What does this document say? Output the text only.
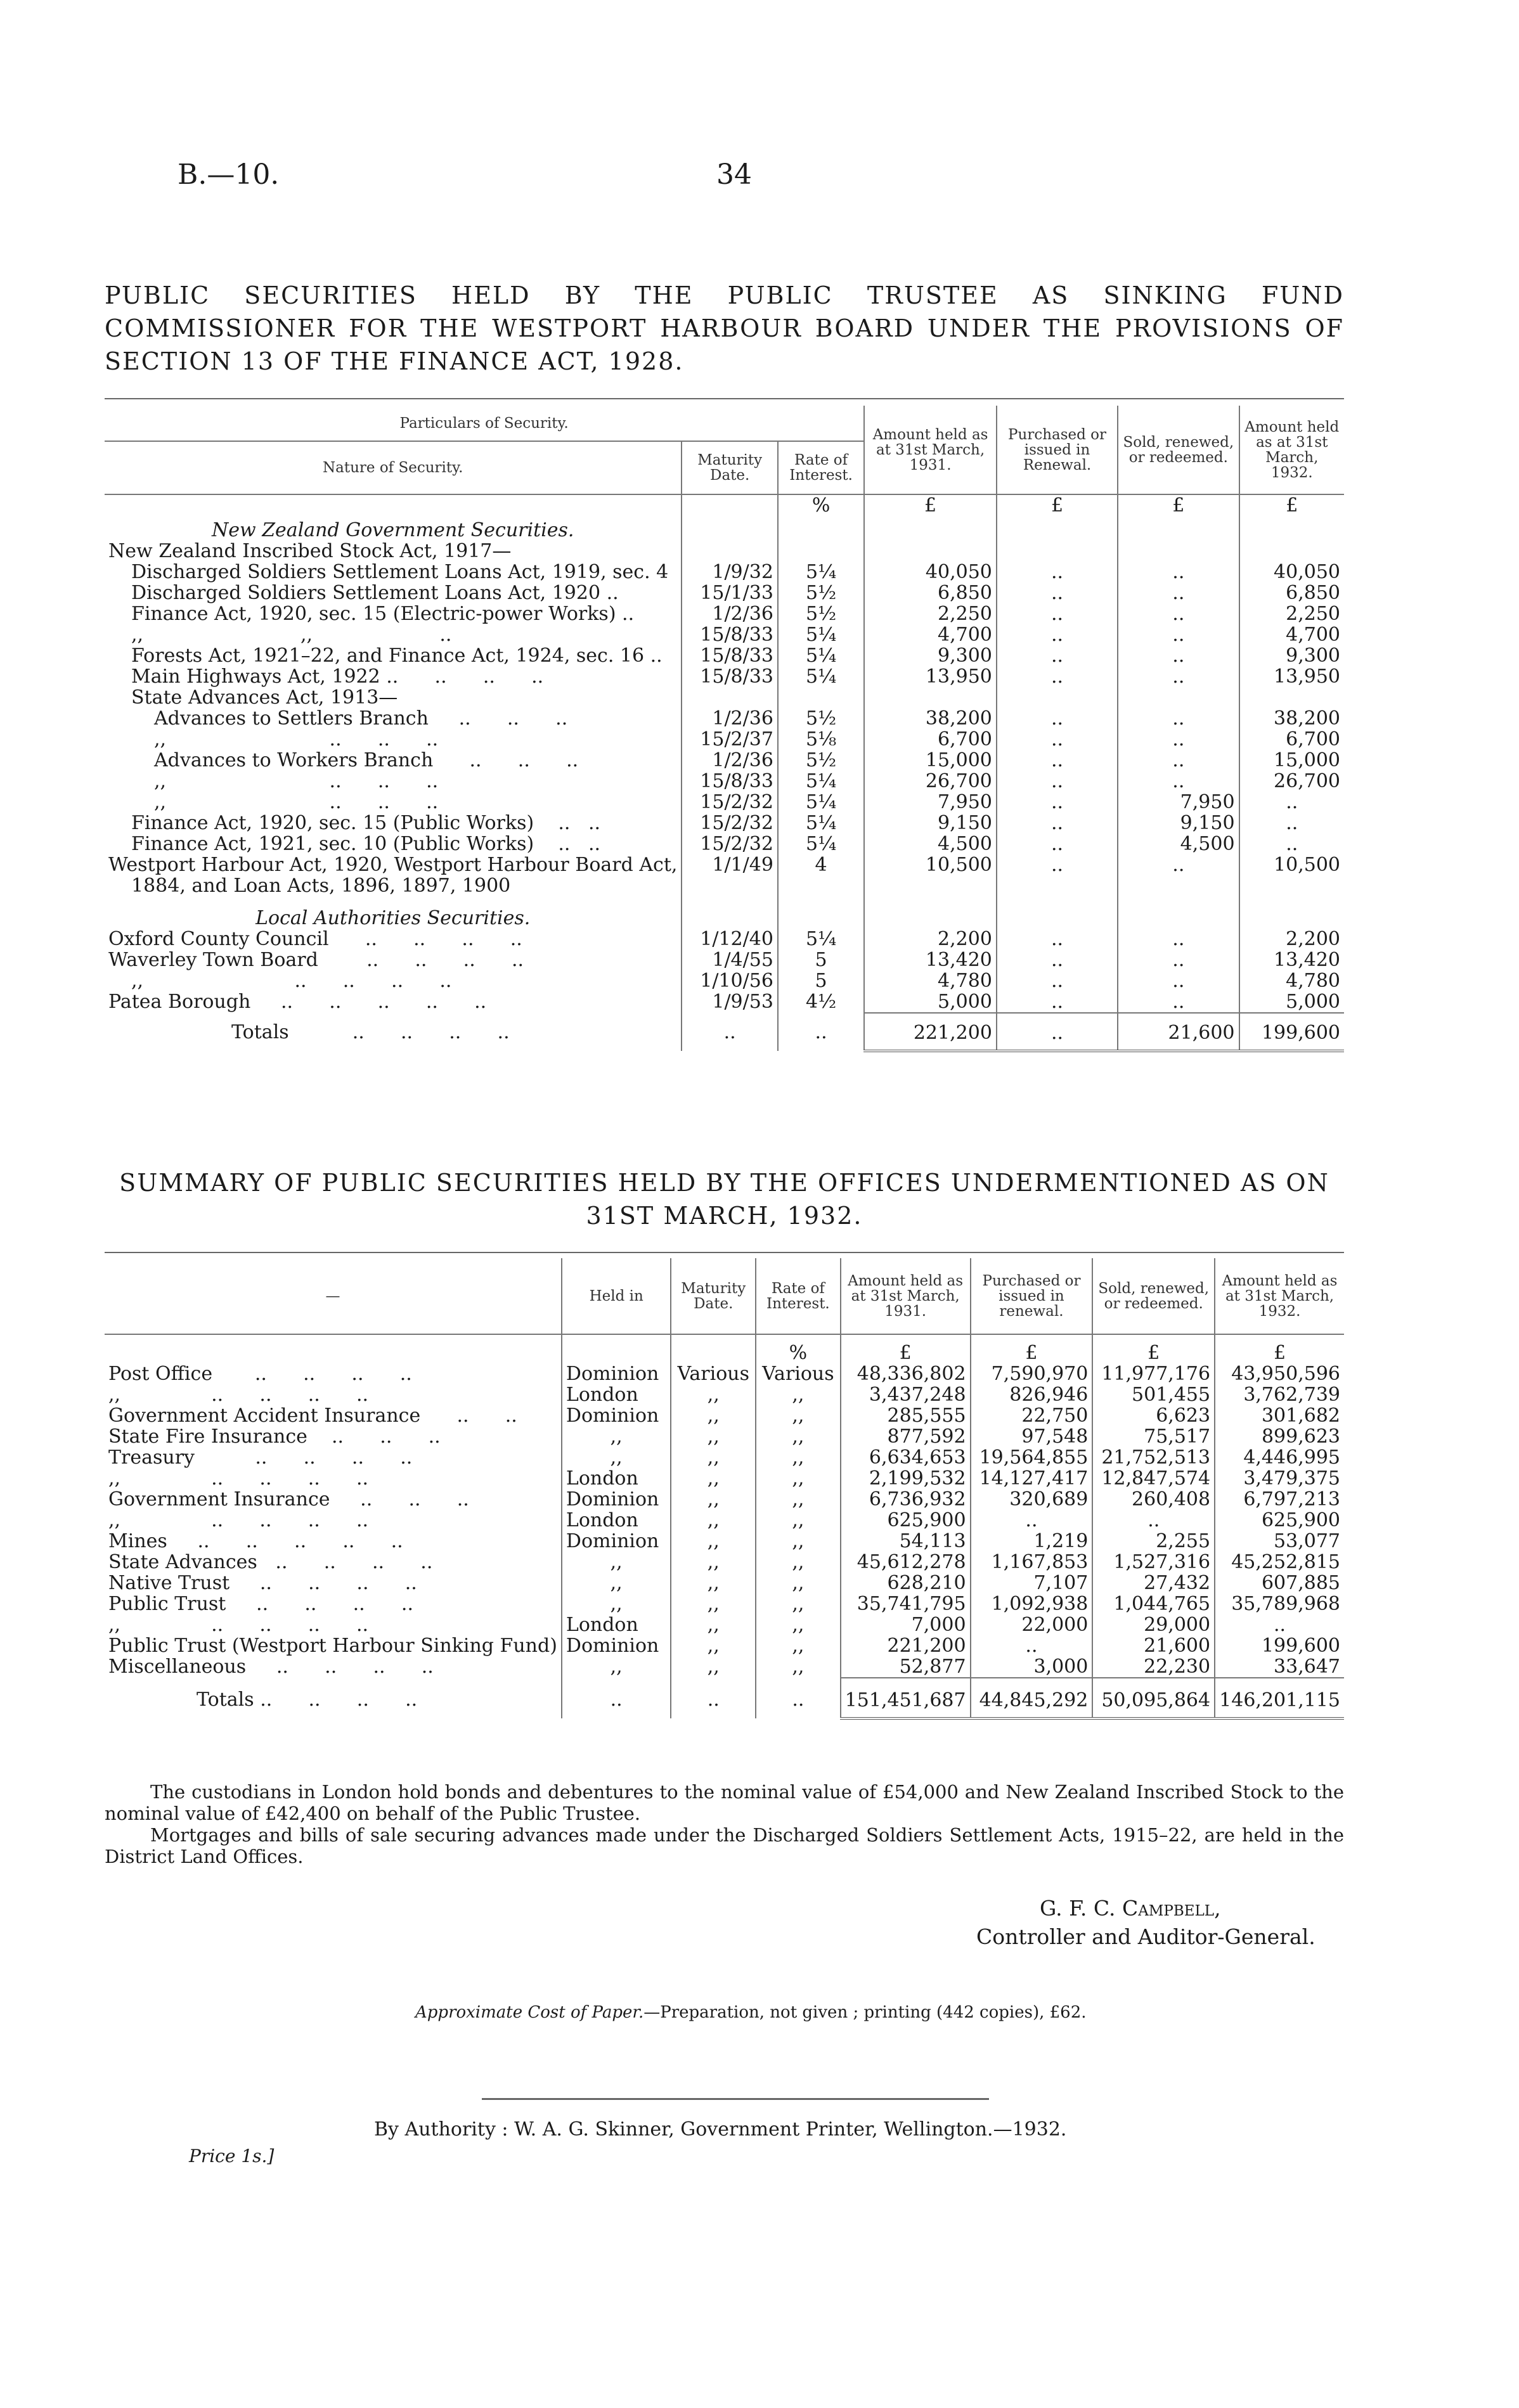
B.—10.	34
PUBLIC SECURITIES HELD BY THE PUBLIC TRUSTEE AS SINKING FUND COMMISSIONER FOR THE WESTPORT HARBOUR BOARD UNDER THE PROVISIONS OF SECTION 13 OF THE FINANCE ACT, 1928.
Particulars of Security.			Amount held as at 31st March, 1931.	Purchased or issued in Renewal.	Sold, renewed, or redeemed.	Amount held as at 31st March, 1932.
Nature of Security.	Maturity Date.	Rate of Interest.				
		%	£	£	£	£
New Zealand Government Securities.						
New Zealand Inscribed Stock Act, 1917—						
Discharged Soldiers Settlement Loans Act, 1919, sec. 4	1/9/32	5¼	40,050	..	..	40,050
Discharged Soldiers Settlement Loans Act, 1920 ..	15/1/33	5½	6,850	..	..	6,850
Finance Act, 1920, sec. 15 (Electric-power Works) ..	1/2/36	5½	2,250	..	..	2,250
,,                          ,,                     ..	15/8/33	5¼	4,700	..	..	4,700
Forests Act, 1921–22, and Finance Act, 1924, sec. 16 ..	15/8/33	5¼	9,300	..	..	9,300
Main Highways Act, 1922 ..      ..      ..      ..	15/8/33	5¼	13,950	..	..	13,950
State Advances Act, 1913—						
Advances to Settlers Branch     ..      ..      ..	1/2/36	5½	38,200	..	..	38,200
,,                           ..      ..      ..	15/2/37	5⅛	6,700	..	..	6,700
Advances to Workers Branch      ..      ..      ..	1/2/36	5½	15,000	..	..	15,000
,,                           ..      ..      ..	15/8/33	5¼	26,700	..	..	26,700
,,                           ..      ..      ..	15/2/32	5¼	7,950	..	7,950	..
Finance Act, 1920, sec. 15 (Public Works)    ..   ..	15/2/32	5¼	9,150	..	9,150	..
Finance Act, 1921, sec. 10 (Public Works)    ..   ..	15/2/32	5¼	4,500	..	4,500	..
Westport Harbour Act, 1920, Westport Harbour Board Act,	1/1/49	4	10,500	..	..	10,500
1884, and Loan Acts, 1896, 1897, 1900						

Local Authorities Securities.						
Oxford County Council      ..      ..      ..      ..	1/12/40	5¼	2,200	..	..	2,200
Waverley Town Board        ..      ..      ..      ..	1/4/55	5	13,420	..	..	13,420
,,                         ..      ..      ..      ..	1/10/56	5	4,780	..	..	4,780
Patea Borough     ..      ..      ..      ..      ..	1/9/53	4½	5,000	..	..	5,000
Totals ..      ..      ..      ..	..	..	221,200	..	21,600	199,600
SUMMARY OF PUBLIC SECURITIES HELD BY THE OFFICES UNDERMENTIONED AS ON
31ST MARCH, 1932.
—	Held in	Maturity Date.	Rate of Interest.	Amount held as at 31st March, 1931.	Purchased or issued in renewal.	Sold, renewed, or redeemed.	Amount held as at 31st March, 1932.
			%	£	£	£	£
Post Office       ..      ..      ..      ..	Dominion	Various	Various	48,336,802	7,590,970	11,977,176	43,950,596
,,               ..      ..      ..      ..	London	,,	,,	3,437,248	826,946	501,455	3,762,739
Government Accident Insurance      ..      ..	Dominion	,,	,,	285,555	22,750	6,623	301,682
State Fire Insurance    ..      ..      ..	,,	,,	,,	877,592	97,548	75,517	899,623
Treasury          ..      ..      ..      ..	,,	,,	,,	6,634,653	19,564,855	21,752,513	4,446,995
,,               ..      ..      ..      ..	London	,,	,,	2,199,532	14,127,417	12,847,574	3,479,375
Government Insurance     ..      ..      ..	Dominion	,,	,,	6,736,932	320,689	260,408	6,797,213
,,               ..      ..      ..      ..	London	,,	,,	625,900	..	..	625,900
Mines     ..      ..      ..      ..      ..	Dominion	,,	,,	54,113	1,219	2,255	53,077
State Advances   ..      ..      ..      ..	,,	,,	,,	45,612,278	1,167,853	1,527,316	45,252,815
Native Trust     ..      ..      ..      ..	,,	,,	,,	628,210	7,107	27,432	607,885
Public Trust     ..      ..      ..      ..	,,	,,	,,	35,741,795	1,092,938	1,044,765	35,789,968
,,               ..      ..      ..      ..	London	,,	,,	7,000	22,000	29,000	..
Public Trust (Westport Harbour Sinking Fund)	Dominion	,,	,,	221,200	..	21,600	199,600
Miscellaneous     ..      ..      ..      ..	,,	,,	,,	52,877	3,000	22,230	33,647
Totals ..      ..      ..      ..	..	..	..	151,451,687	44,845,292	50,095,864	146,201,115
The custodians in London hold bonds and debentures to the nominal value of £54,000 and New Zealand Inscribed Stock to the nominal value of £42,400 on behalf of the Public Trustee.
Mortgages and bills of sale securing advances made under the Discharged Soldiers Settlement Acts, 1915–22, are held in the District Land Offices.
G. F. C. Campbell,
Controller and Auditor-General.
Approximate Cost of Paper.—Preparation, not given ; printing (442 copies), £62.
By Authority : W. A. G. Skinner, Government Printer, Wellington.—1932.
Price 1s.]
